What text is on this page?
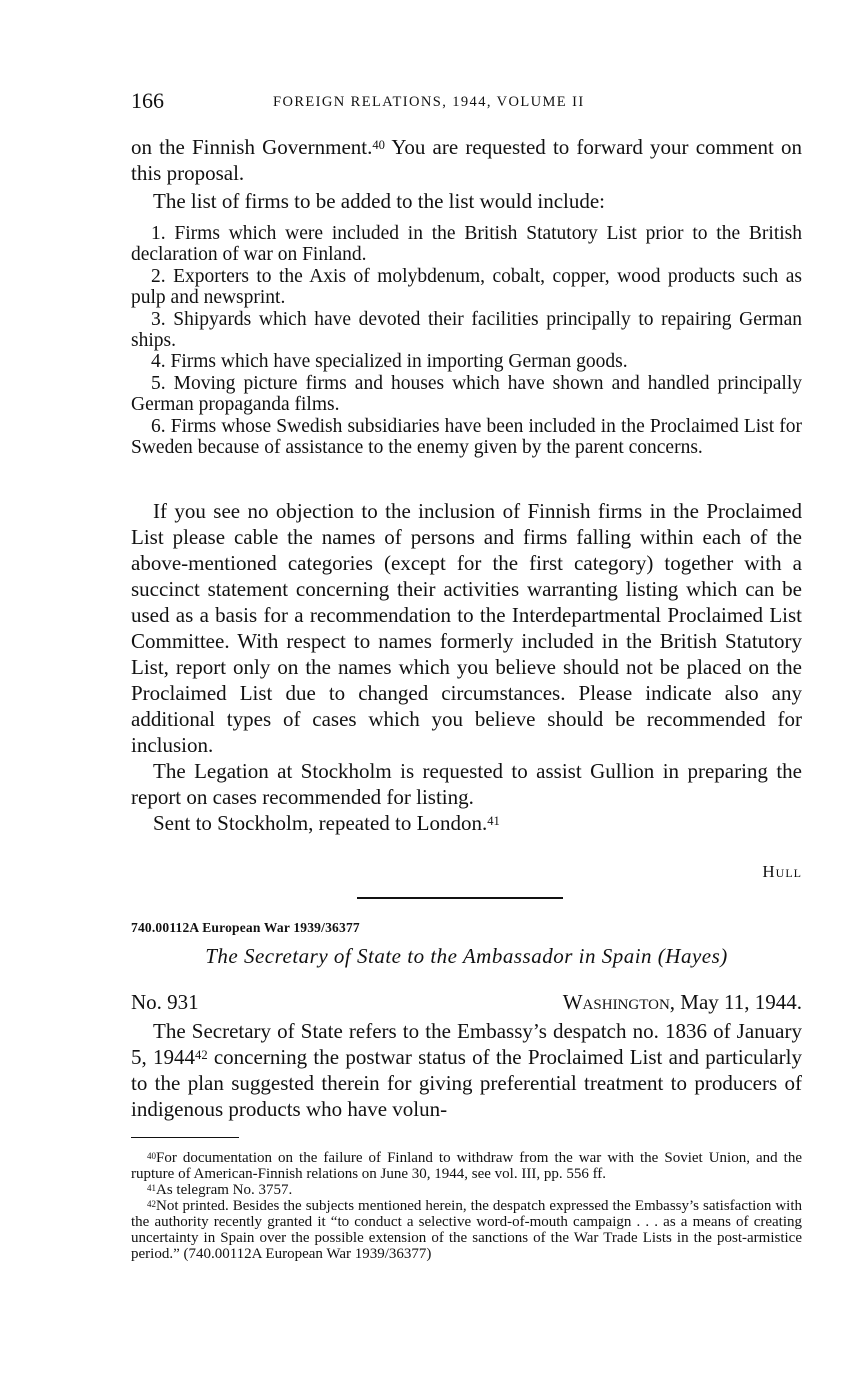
166	FOREIGN RELATIONS, 1944, VOLUME II

on the Finnish Government.$^{40}$ You are requested to forward your comment on this proposal.

The list of firms to be added to the list would include:

1. Firms which were included in the British Statutory List prior to the British declaration of war on Finland.

2. Exporters to the Axis of molybdenum, cobalt, copper, wood products such as pulp and newsprint.

3. Shipyards which have devoted their facilities principally to repairing German ships.

4. Firms which have specialized in importing German goods.

5. Moving picture firms and houses which have shown and handled principally German propaganda films.

6. Firms whose Swedish subsidiaries have been included in the Proclaimed List for Sweden because of assistance to the enemy given by the parent concerns.

If you see no objection to the inclusion of Finnish firms in the Proclaimed List please cable the names of persons and firms falling within each of the above-mentioned categories (except for the first category) together with a succinct statement concerning their activities warranting listing which can be used as a basis for a recommendation to the Interdepartmental Proclaimed List Committee. With respect to names formerly included in the British Statutory List, report only on the names which you believe should not be placed on the Proclaimed List due to changed circumstances. Please indicate also any additional types of cases which you believe should be recommended for inclusion.

The Legation at Stockholm is requested to assist Gullion in preparing the report on cases recommended for listing.

Sent to Stockholm, repeated to London.$^{41}$

Hull
740.00112A European War 1939/36377
The Secretary of State to the Ambassador in Spain (Hayes)
No. 931	Washington, May 11, 1944.

The Secretary of State refers to the Embassy’s despatch no. 1836 of January 5, 1944$^{42}$ concerning the postwar status of the Proclaimed List and particularly to the plan suggested therein for giving preferential treatment to producers of indigenous products who have volun-

$^{40}$For documentation on the failure of Finland to withdraw from the war with the Soviet Union, and the rupture of American-Finnish relations on June 30, 1944, see vol. III, pp. 556 ff.

$^{41}$As telegram No. 3757.

$^{42}$Not printed. Besides the subjects mentioned herein, the despatch expressed the Embassy’s satisfaction with the authority recently granted it “to conduct a selective word-of-mouth campaign . . . as a means of creating uncertainty in Spain over the possible extension of the sanctions of the War Trade Lists in the post-armistice period.” (740.00112A European War 1939/36377)
